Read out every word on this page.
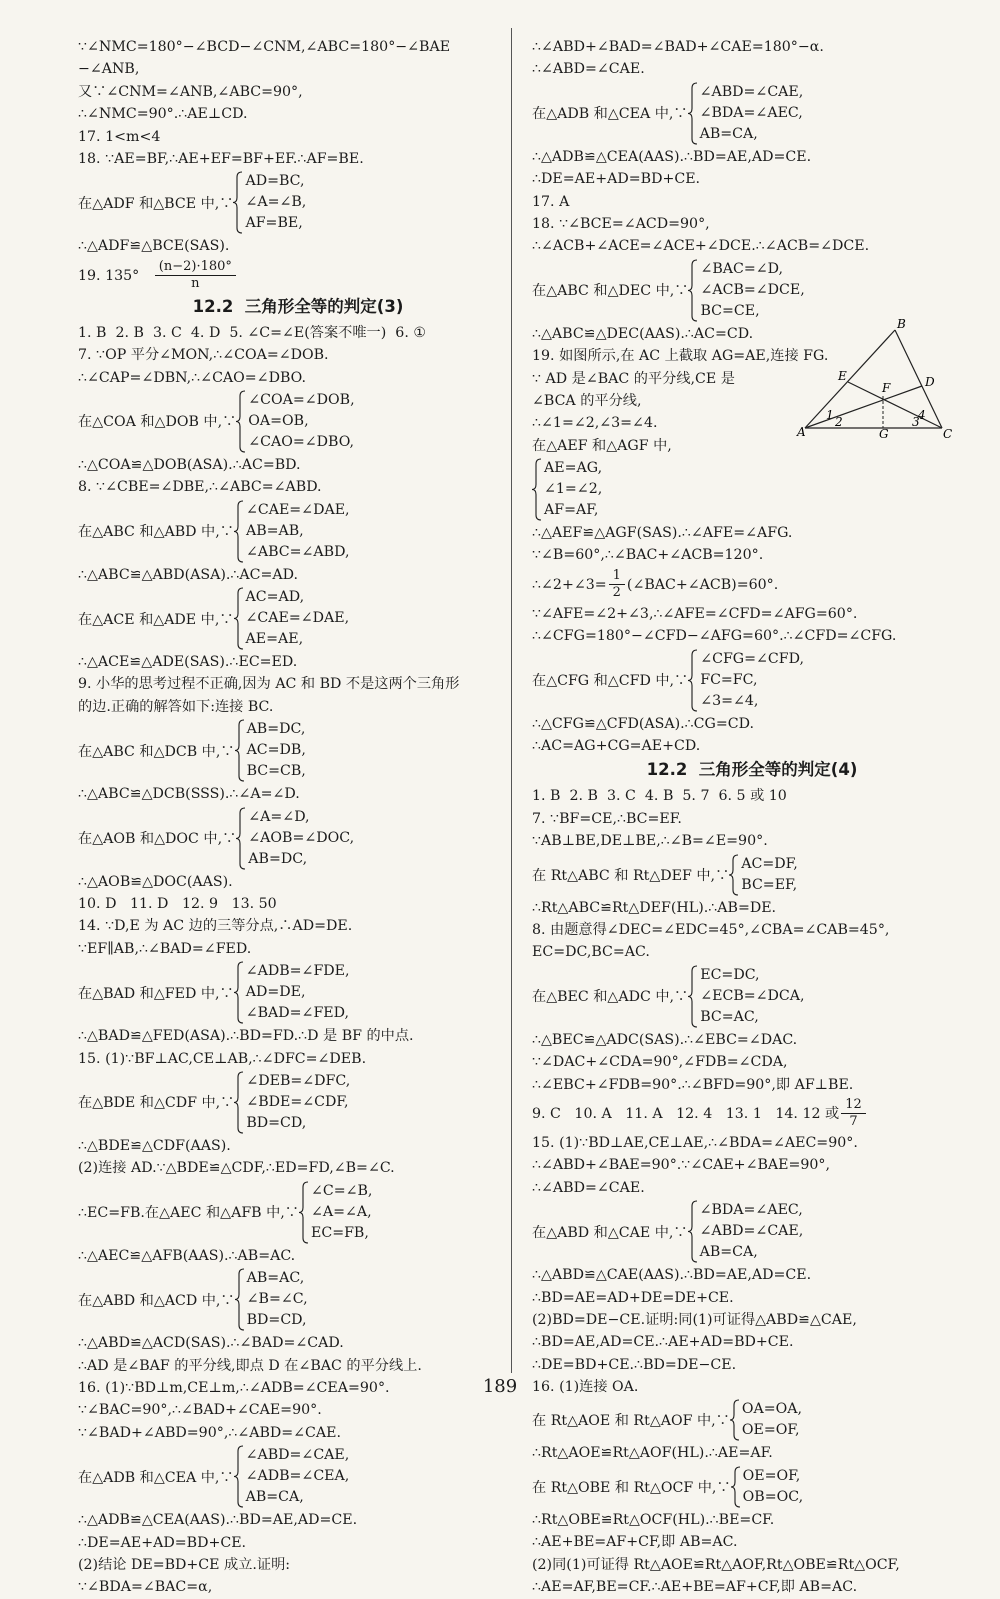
∵∠NMC=180°−∠BCD−∠CNM,∠ABC=180°−∠BAE
−∠ANB,
又∵∠CNM=∠ANB,∠ABC=90°,
∴∠NMC=90°.∴AE⊥CD.
17. 1<m<4
18. ∵AE=BF,∴AE+EF=BF+EF.∴AF=BE.
在△ADF 和△BCE 中,∵
AD=BC,
∠A=∠B,
AF=BE,
∴△ADF≌△BCE(SAS).
19. $135^\circ \frac{(n-2)\cdot 180^\circ}{n}$
12.2  三角形全等的判定(3)
1. B  2. B  3. C  4. D  5. ∠C=∠E(答案不唯一)  6. ①
7. ∵OP 平分∠MON,∴∠COA=∠DOB.
∴∠CAP=∠DBN,∴∠CAO=∠DBO.
在△COA 和△DOB 中,∵
∠COA=∠DOB,
OA=OB,
∠CAO=∠DBO,
∴△COA≌△DOB(ASA).∴AC=BD.
8. ∵∠CBE=∠DBE,∴∠ABC=∠ABD.
在△ABC 和△ABD 中,∵
∠CAE=∠DAE,
AB=AB,
∠ABC=∠ABD,
∴△ABC≌△ABD(ASA).∴AC=AD.
在△ACE 和△ADE 中,∵
AC=AD,
∠CAE=∠DAE,
AE=AE,
∴△ACE≌△ADE(SAS).∴EC=ED.
9. 小华的思考过程不正确,因为 AC 和 BD 不是这两个三角形
的边.正确的解答如下:连接 BC.
在△ABC 和△DCB 中,∵
AB=DC,
AC=DB,
BC=CB,
∴△ABC≌△DCB(SSS).∴∠A=∠D.
在△AOB 和△DOC 中,∵
∠A=∠D,
∠AOB=∠DOC,
AB=DC,
∴△AOB≌△DOC(AAS).
10. D   11. D   12. 9   13. 50
14. ∵D,E 为 AC 边的三等分点,∴AD=DE.
∵EF∥AB,∴∠BAD=∠FED.
在△BAD 和△FED 中,∵
∠ADB=∠FDE,
AD=DE,
∠BAD=∠FED,
∴△BAD≌△FED(ASA).∴BD=FD.∴D 是 BF 的中点.
15. (1)∵BF⊥AC,CE⊥AB,∴∠DFC=∠DEB.
在△BDE 和△CDF 中,∵
∠DEB=∠DFC,
∠BDE=∠CDF,
BD=CD,
∴△BDE≌△CDF(AAS).
(2)连接 AD.∵△BDE≌△CDF,∴ED=FD,∠B=∠C.
∴EC=FB.在△AEC 和△AFB 中,∵
∠C=∠B,
∠A=∠A,
EC=FB,
∴△AEC≌△AFB(AAS).∴AB=AC.
在△ABD 和△ACD 中,∵
AB=AC,
∠B=∠C,
BD=CD,
∴△ABD≌△ACD(SAS).∴∠BAD=∠CAD.
∴AD 是∠BAF 的平分线,即点 D 在∠BAC 的平分线上.
16. (1)∵BD⊥m,CE⊥m,∴∠ADB=∠CEA=90°.
∵∠BAC=90°,∴∠BAD+∠CAE=90°.
∵∠BAD+∠ABD=90°,∴∠ABD=∠CAE.
在△ADB 和△CEA 中,∵
∠ABD=∠CAE,
∠ADB=∠CEA,
AB=CA,
∴△ADB≌△CEA(AAS).∴BD=AE,AD=CE.
∴DE=AE+AD=BD+CE.
(2)结论 DE=BD+CE 成立.证明:
∵∠BDA=∠BAC=α,
∴∠ABD+∠BAD=∠BAD+∠CAE=180°−α.
∴∠ABD=∠CAE.
在△ADB 和△CEA 中,∵
∠ABD=∠CAE,
∠BDA=∠AEC,
AB=CA,
∴△ADB≌△CEA(AAS).∴BD=AE,AD=CE.
∴DE=AE+AD=BD+CE.
17. A
18. ∵∠BCE=∠ACD=90°,
∴∠ACB+∠ACE=∠ACE+∠DCE.∴∠ACB=∠DCE.
在△ABC 和△DEC 中,∵
∠BAC=∠D,
∠ACB=∠DCE,
BC=CE,
∴△ABC≌△DEC(AAS).∴AC=CD.
19. 如图所示,在 AC 上截取 AG=AE,连接 FG.
∵ AD 是∠BAC 的平分线,CE 是
∠BCA 的平分线,
∴∠1=∠2,∠3=∠4.
在△AEF 和△AGF 中,
AE=AG,
∠1=∠2,
AF=AF,
∴△AEF≌△AGF(SAS).∴∠AFE=∠AFG.
∵∠B=60°,∴∠BAC+∠ACB=120°.
∴∠2+∠3= $\frac{1}{2}$ (∠BAC+∠ACB)=60°.
∵∠AFE=∠2+∠3,∴∠AFE=∠CFD=∠AFG=60°.
∴∠CFG=180°−∠CFD−∠AFG=60°.∴∠CFD=∠CFG.
在△CFG 和△CFD 中,∵
∠CFG=∠CFD,
FC=FC,
∠3=∠4,
∴△CFG≌△CFD(ASA).∴CG=CD.
∴AC=AG+CG=AE+CD.
12.2  三角形全等的判定(4)
1. B  2. B  3. C  4. B  5. 7  6. 5 或 10
7. ∵BF=CE,∴BC=EF.
∵AB⊥BE,DE⊥BE,∴∠B=∠E=90°.
在 Rt△ABC 和 Rt△DEF 中,∵
AC=DF,
BC=EF,
∴Rt△ABC≌Rt△DEF(HL).∴AB=DE.
8. 由题意得∠DEC=∠EDC=45°,∠CBA=∠CAB=45°,
EC=DC,BC=AC.
在△BEC 和△ADC 中,∵
EC=DC,
∠ECB=∠DCA,
BC=AC,
∴△BEC≌△ADC(SAS).∴∠EBC=∠DAC.
∵∠DAC+∠CDA=90°,∠FDB=∠CDA,
∴∠EBC+∠FDB=90°.∴∠BFD=90°,即 AF⊥BE.
9. C   10. A   11. A   12. 4   13. 1   14. 12 或 $\frac{12}{7}$
15. (1)∵BD⊥AE,CE⊥AE,∴∠BDA=∠AEC=90°.
∴∠ABD+∠BAE=90°.∵∠CAE+∠BAE=90°,
∴∠ABD=∠CAE.
在△ABD 和△CAE 中,∵
∠BDA=∠AEC,
∠ABD=∠CAE,
AB=CA,
∴△ABD≌△CAE(AAS).∴BD=AE,AD=CE.
∴BD=AE=AD+DE=DE+CE.
(2)BD=DE−CE.证明:同(1)可证得△ABD≌△CAE,
∴BD=AE,AD=CE.∴AE+AD=BD+CE.
∴DE=BD+CE.∴BD=DE−CE.
16. (1)连接 OA.
在 Rt△AOE 和 Rt△AOF 中,∵
OA=OA,
OE=OF,
∴Rt△AOE≌Rt△AOF(HL).∴AE=AF.
在 Rt△OBE 和 Rt△OCF 中,∵
OE=OF,
OB=OC,
∴Rt△OBE≌Rt△OCF(HL).∴BE=CF.
∴AE+BE=AF+CF,即 AB=AC.
(2)同(1)可证得 Rt△AOE≌Rt△AOF,Rt△OBE≌Rt△OCF,
∴AE=AF,BE=CF.∴AE+BE=AF+CF,即 AB=AC.
B
E	D
F
A	G	C
1 2	3
4
189
